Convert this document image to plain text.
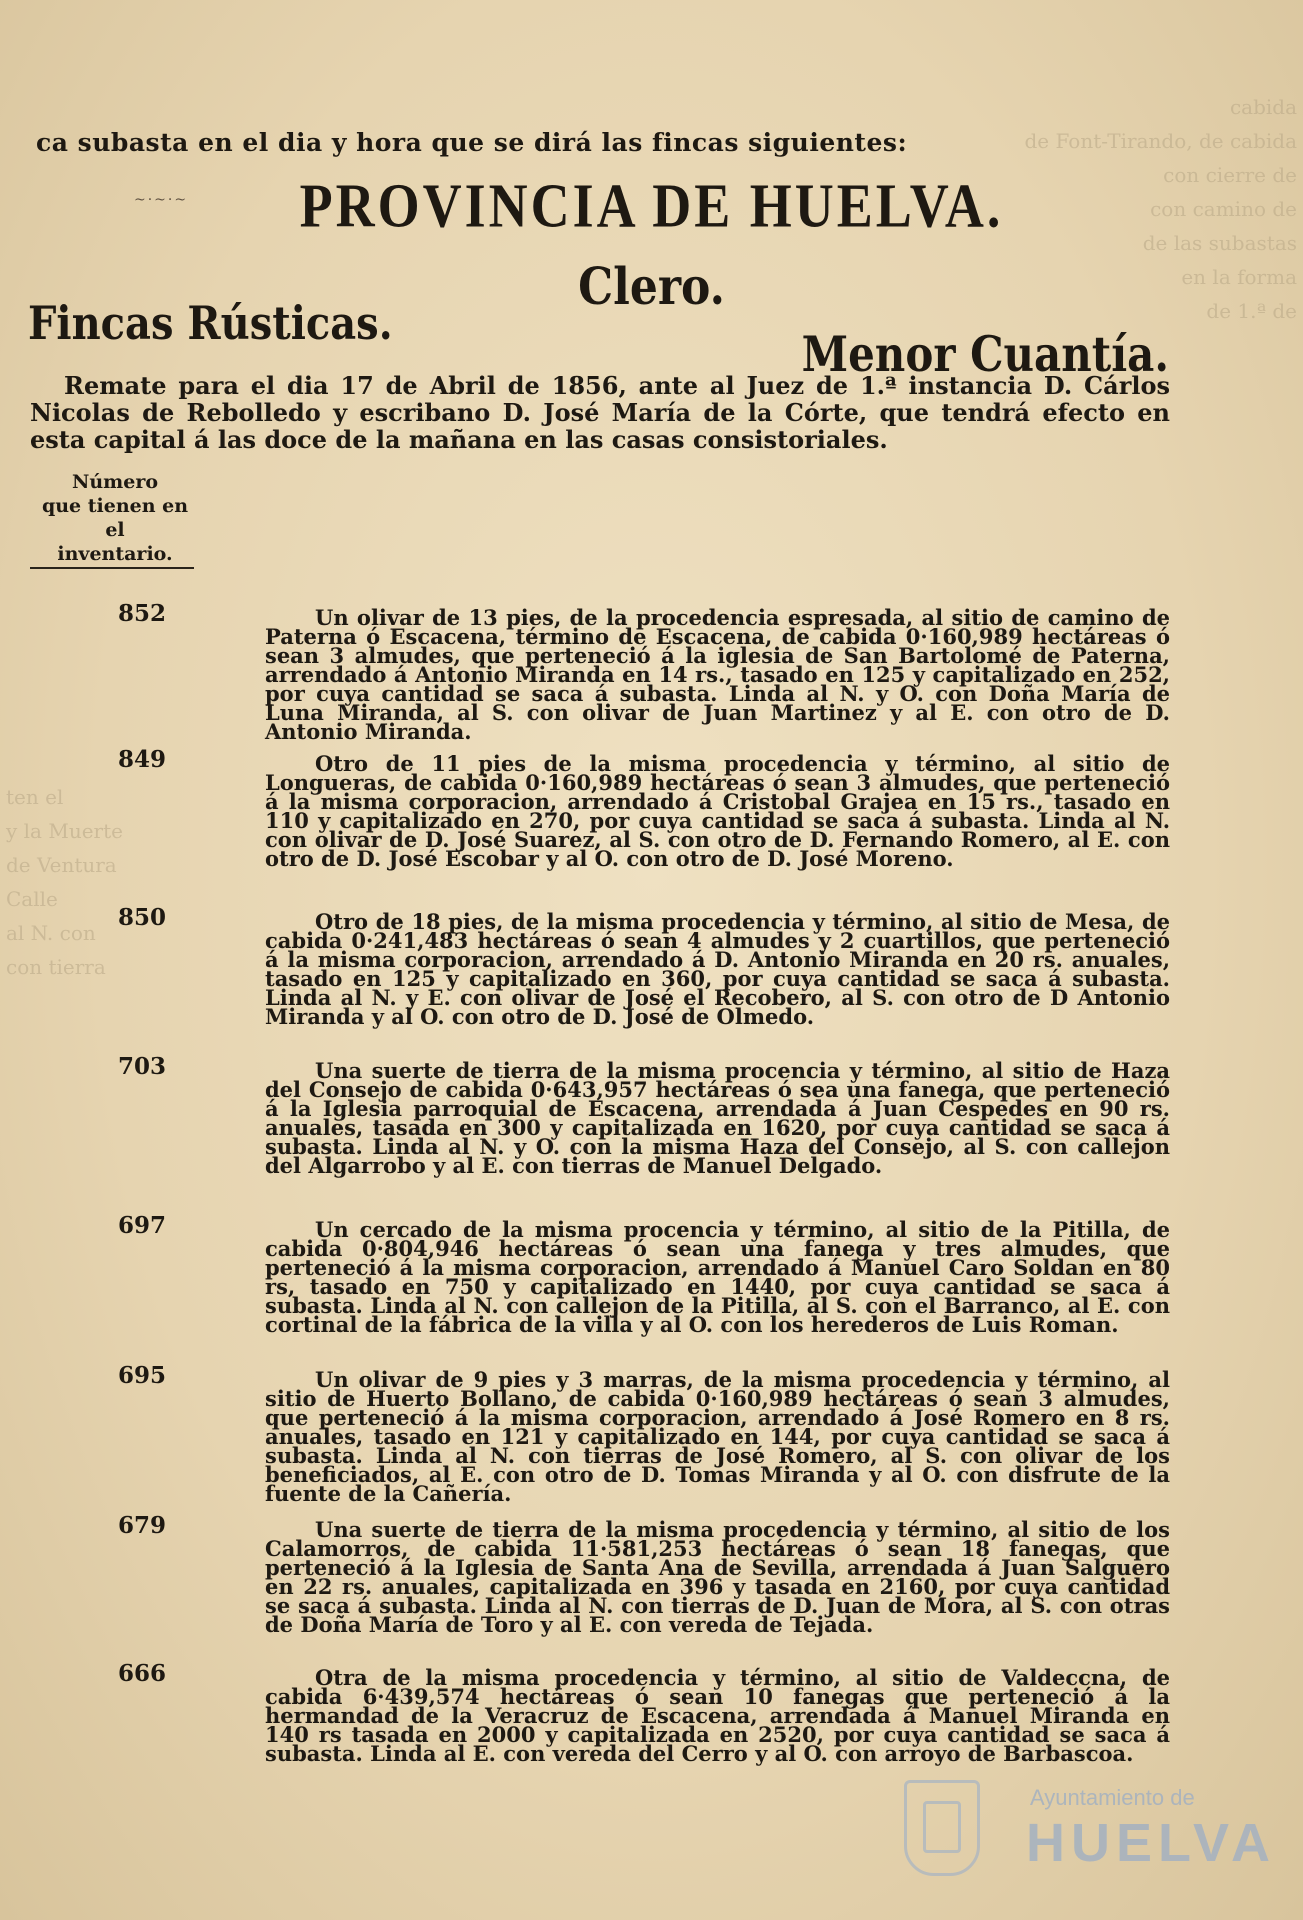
cabida
de Font-Tirando, de cabida
con cierre de
con camino de
de las subastas
en la forma
de 1.ª de
ten el
y la Muerte
de Ventura
Calle
al N. con
con tierra
ca subasta en el dia y hora que se dirá las fincas siguientes:
~·~·~	PROVINCIA DE HUELVA.
Clero.
Fincas Rústicas.
Menor Cuantía.
Remate para el dia 17 de Abril de 1856, ante al Juez de 1.ª instancia D. Cárlos Nicolas de Rebolledo y escribano D. José María de la Córte, que tendrá efecto en esta capital á las doce de la mañana en las casas consistoriales.
Número
que tienen en el
inventario.
852	Un olivar de 13 pies, de la procedencia espresada, al sitio de camino de Paterna ó Escacena, término de Escacena, de cabida 0·160,989 hectáreas ó sean 3 almudes, que perteneció á la iglesia de San Bartolomé de Paterna, arrendado á Antonio Miranda en 14 rs., tasado en 125 y capitalizado en 252, por cuya cantidad se saca á subasta. Linda al N. y O. con Doña María de Luna Miranda, al S. con olivar de Juan Martinez y al E. con otro de D. Antonio Miranda.
849	Otro de 11 pies de la misma procedencia y término, al sitio de Longueras, de cabida 0·160,989 hectáreas ó sean 3 almudes, que perteneció á la misma corporacion, arrendado á Cristobal Grajea en 15 rs., tasado en 110 y capitalizado en 270, por cuya cantidad se saca á subasta. Linda al N. con olivar de D. José Suarez, al S. con otro de D. Fernando Romero, al E. con otro de D. José Escobar y al O. con otro de D. José Moreno.
850	Otro de 18 pies, de la misma procedencia y término, al sitio de Mesa, de cabida 0·241,483 hectáreas ó sean 4 almudes y 2 cuartillos, que perteneció á la misma corporacion, arrendado á D. Antonio Miranda en 20 rs. anuales, tasado en 125 y capitalizado en 360, por cuya cantidad se saca á subasta. Linda al N. y E. con olivar de José el Recobero, al S. con otro de D Antonio Miranda y al O. con otro de D. José de Olmedo.
703	Una suerte de tierra de la misma procencia y término, al sitio de Haza del Consejo de cabida 0·643,957 hectáreas ó sea una fanega, que perteneció á la Iglesia parroquial de Escacena, arrendada á Juan Cespedes en 90 rs. anuales, tasada en 300 y capitalizada en 1620, por cuya cantidad se saca á subasta. Linda al N. y O. con la misma Haza del Consejo, al S. con callejon del Algarrobo y al E. con tierras de Manuel Delgado.
697	Un cercado de la misma procencia y término, al sitio de la Pitilla, de cabida 0·804,946 hectáreas ó sean una fanega y tres almudes, que perteneció á la misma corporacion, arrendado á Manuel Caro Soldan en 80 rs, tasado en 750 y capitalizado en 1440, por cuya cantidad se saca á subasta. Linda al N. con callejon de la Pitilla, al S. con el Barranco, al E. con cortinal de la fábrica de la villa y al O. con los herederos de Luis Roman.
695	Un olivar de 9 pies y 3 marras, de la misma procedencia y término, al sitio de Huerto Bollano, de cabida 0·160,989 hectáreas ó sean 3 almudes, que perteneció á la misma corporacion, arrendado á José Romero en 8 rs. anuales, tasado en 121 y capitalizado en 144, por cuya cantidad se saca á subasta. Linda al N. con tierras de José Romero, al S. con olivar de los beneficiados, al E. con otro de D. Tomas Miranda y al O. con disfrute de la fuente de la Cañería.
679	Una suerte de tierra de la misma procedencia y término, al sitio de los Calamorros, de cabida 11·581,253 hectáreas ó sean 18 fanegas, que perteneció á la Iglesia de Santa Ana de Sevilla, arrendada á Juan Salguero en 22 rs. anuales, capitalizada en 396 y tasada en 2160, por cuya cantidad se saca á subasta. Linda al N. con tierras de D. Juan de Mora, al S. con otras de Doña María de Toro y al E. con vereda de Tejada.
666	Otra de la misma procedencia y término, al sitio de Valdeccna, de cabida 6·439,574 hectáreas ó sean 10 fanegas que perteneció á la hermandad de la Veracruz de Escacena, arrendada á Manuel Miranda en 140 rs tasada en 2000 y capitalizada en 2520, por cuya cantidad se saca á subasta. Linda al E. con vereda del Cerro y al O. con arroyo de Barbascoa.
Ayuntamiento de
HUELVA
